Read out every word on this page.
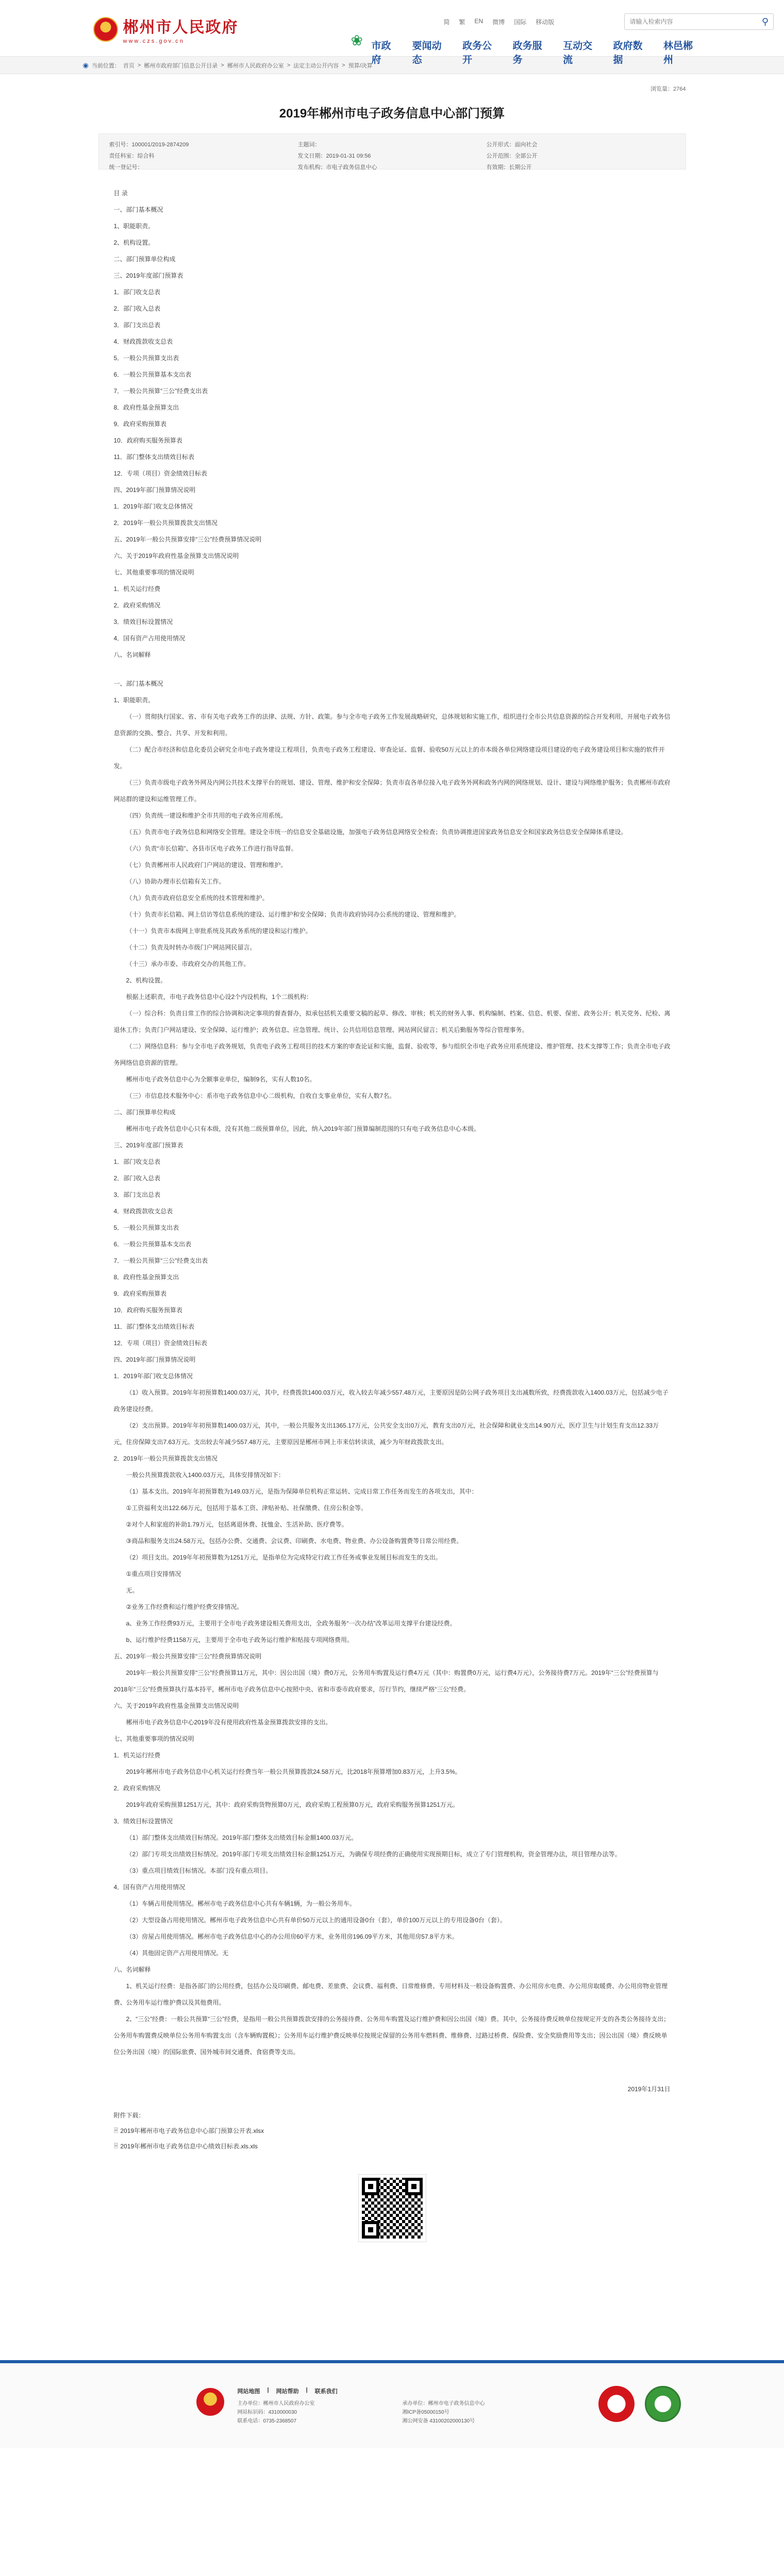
郴州市人民政府
www.czs.gov.cn
简 繁 EN 微博 国际 移动版
请输入检索内容	⚲
❀ 市政府
要闻动态
政务公开
政务服务
互动交流
政府数据
林邑郴州
◉ 当前位置： 首页 > 郴州市政府部门信息公开目录 > 郴州市人民政府办公室 > 法定主动公开内容 > 预算/决算
浏览量：2764
2019年郴州市电子政务信息中心部门预算
索引号：100001/2019-2874209	主题词：	公开形式：面向社会
责任科室：综合科	发文日期：2019-01-31 09:56	公开范围：全部公开
统一登记号：	发布机构：市电子政务信息中心	有效期：长期公开

目 录

一、部门基本概况

1、职能职责。

2、机构设置。

二、部门预算单位构成

三、2019年度部门预算表

1．部门收支总表

2．部门收入总表

3．部门支出总表

4．财政拨款收支总表

5．一般公共预算支出表

6．一般公共预算基本支出表

7．一般公共预算“三公”经费支出表

8．政府性基金预算支出

9．政府采购预算表

10．政府购买服务预算表

11．部门整体支出绩效目标表

12．专项（项目）资金绩效目标表

四、2019年部门预算情况说明

1．2019年部门收支总体情况

2．2019年一般公共预算拨款支出情况

五、2019年一般公共预算安排“三公”经费预算情况说明

六、关于2019年政府性基金预算支出情况说明

七、其他重要事项的情况说明

1．机关运行经费

2．政府采购情况

3．绩效目标设置情况

4．国有资产占用使用情况

八、名词解释

一、部门基本概况

1、职能职责。

（一）贯彻执行国家、省、市有关电子政务工作的法律、法规、方针、政策。参与全市电子政务工作发展战略研究，总体规划和实施工作，组织进行全市公共信息资源的综合开发利用，开展电子政务信息资源的交换、整合、共享、开发和利用。

（二）配合市经济和信息化委员会研究全市电子政务建设工程项目，负责电子政务工程建设、审查论证、监督、验收50万元以上的市本级各单位网络建设项目建设的电子政务建设项目和实施的软件开发。

（三）负责市级电子政务外网及内网公共技术支撑平台的规划、建设、管理、维护和安全保障；负责市直各单位接入电子政务外网和政务内网的网络规划、设计、建设与网络维护服务；负责郴州市政府网站群的建设和运维管理工作。

（四）负责统一建设和维护全市共用的电子政务应用系统。

（五）负责市电子政务信息和网络安全管理。建设全市统一的信息安全基础设施，加强电子政务信息网络安全检查；负责协调推进国家政务信息安全和国家政务信息安全保障体系建设。

（六）负责“市长信箱”、各县市区电子政务工作进行指导监督。

（七）负责郴州市人民政府门户网站的建设、管理和维护。

（八）协助办理市长信箱有关工作。

（九）负责市政府信息安全系统的技术管理和维护。

（十）负责市长信箱、网上信访等信息系统的建设、运行维护和安全保障；负责市政府协同办公系统的建设、管理和维护。

（十一）负责市本级网上审批系统及其政务系统的建设和运行维护。

（十二）负责及时转办市级门户网站网民留言。

（十三）承办市委、市政府交办的其他工作。

2、机构设置。

根据上述职责，市电子政务信息中心设2个内设机构，1个二级机构：

（一）综合科：负责日常工作的综合协调和决定事项的督查督办，拟承包括机关重要文稿的起草、修改、审核；机关的财务人事、机构编制、档案、信息、机要、保密、政务公开；机关党务、纪检、离退休工作；负责门户网站建设、安全保障、运行维护；政务信息、应急管理、统计、公共信用信息管理、网站网民留言；机关后勤服务等综合管理事务。

（二）网络信息科：参与全市电子政务规划，负责电子政务工程项目的技术方案的审查论证和实施，监督、验收等，参与组织全市电子政务应用系统建设、维护管理、技术支撑等工作；负责全市电子政务网络信息资源的管理。

郴州市电子政务信息中心为全额事业单位，编制9名，实有人数10名。

（三）市信息技术服务中心：系市电子政务信息中心二级机构，自收自支事业单位，实有人数7名。

二、部门预算单位构成

郴州市电子政务信息中心只有本级，没有其他二级预算单位，因此，纳入2019年部门预算编制范围的只有电子政务信息中心本级。

三、2019年度部门预算表

1．部门收支总表

2．部门收入总表

3．部门支出总表

4．财政拨款收支总表

5．一般公共预算支出表

6．一般公共预算基本支出表

7．一般公共预算“三公”经费支出表

8．政府性基金预算支出

9．政府采购预算表

10．政府购买服务预算表

11．部门整体支出绩效目标表

12．专项（项目）资金绩效目标表

四、2019年部门预算情况说明

1．2019年部门收支总体情况

（1）收入预算。2019年年初预算数1400.03万元，其中，经费拨款1400.03万元，收入较去年减少557.48万元，主要原因是防公网子政务项目支出减数所致，经费拨款收入1400.03万元，包括减少电子政务建设经费。

（2）支出预算。2019年年初预算数1400.03万元，其中，一般公共服务支出1365.17万元，公共安全支出0万元，教育支出0万元，社会保障和就业支出14.90万元，医疗卫生与计划生育支出12.33万元，住房保障支出7.63万元。支出较去年减少557.48万元，主要原因是郴州市网上市来信转读读，减少为年财政拨款支出。

2．2019年一般公共预算拨款支出情况

一般公共预算拨款收入1400.03万元，具体安排情况如下：

（1）基本支出。2019年年初预算数为149.03万元，是指为保障单位机构正常运转、完成日常工作任务而发生的各项支出，其中：

①工资福利支出122.66万元，包括用于基本工资、津贴补贴、社保缴费、住房公积金等。

②对个人和家庭的补助1.79万元，包括离退休费、抚恤金、生活补助、医疗费等。

③商品和服务支出24.58万元，包括办公费、交通费、会议费、印刷费、水电费、物业费、办公设备购置费等日常公用经费。

（2）项目支出。2019年年初预算数为1251万元，是指单位为完成特定行政工作任务或事业发展目标而发生的支出。

①重点项目安排情况

无。

②业务工作经费和运行维护经费安排情况。

a、业务工作经费93万元，主要用于全市电子政务建设相关费用支出，全政务服务“一次办结”改革运用支撑平台建设经费。

b、运行维护经费1158万元，主要用于全市电子政务运行维护和贴接专项网络费用。

五、2019年一般公共预算安排“三公”经费预算情况说明

2019年一般公共预算安排“三公”经费预算11万元，其中：因公出国（境）费0万元，公务用车购置及运行费4万元（其中：购置费0万元，运行费4万元），公务接待费7万元。2019年“三公”经费预算与2018年“三公”经费预算执行基本持平，郴州市电子政务信息中心按照中央、省和市委市政府要求，厉行节约，继续严格“三公”经费。

六、关于2019年政府性基金预算支出情况说明

郴州市电子政务信息中心2019年没有使用政府性基金预算拨款安排的支出。

七、其他重要事项的情况说明

1．机关运行经费

2019年郴州市电子政务信息中心机关运行经费当年一般公共预算拨款24.58万元，比2018年预算增加0.83万元，上升3.5%。

2．政府采购情况

2019年政府采购预算1251万元，其中：政府采购货物预算0万元，政府采购工程预算0万元，政府采购服务预算1251万元。

3．绩效目标设置情况

（1）部门整体支出绩效目标情况。2019年部门整体支出绩效目标金额1400.03万元。

（2）部门专项支出绩效目标情况。2019年部门专项支出绩效目标金额1251万元，为确保专项经费的正确使用实现预期目标，成立了专门管理机构，资金管理办法，项目管理办法等。

（3）重点项目绩效目标情况。本部门没有重点项目。

4．国有资产占用使用情况

（1）车辆占用使用情况。郴州市电子政务信息中心共有车辆1辆，为一般公务用车。

（2）大型设备占用使用情况。郴州市电子政务信息中心共有单价50万元以上的通用设备0台（套），单价100万元以上的专用设备0台（套）。

（3）房屋占用使用情况。郴州市电子政务信息中心的办公用房60平方米，业务用房196.09平方米，其他用房57.8平方米。

（4）其他固定资产占用使用情况。无

八、名词解释

1、机关运行经费：是指各部门的公用经费，包括办公及印刷费、邮电费、差旅费、会议费、福利费、日常维修费、专用材料及一般设备购置费、办公用房水电费、办公用房取暖费、办公用房物业管理费、公务用车运行维护费以及其他费用。

2、“三公”经费：一般公共预算“三公”经费，是指用一般公共预算拨款安排的公务接待费、公务用车购置及运行维护费和因公出国（境）费。其中，公务接待费反映单位按规定开支的各类公务接待支出；公务用车购置费反映单位公务用车购置支出（含车辆购置税）；公务用车运行维护费反映单位按规定保留的公务用车燃料费、维修费、过路过桥费、保险费、安全奖励费用等支出；因公出国（境）费反映单位公务出国（境）的国际旅费、国外城市间交通费、食宿费等支出。

2019年1月31日
附件下载：
🗎 2019年郴州市电子政务信息中心部门预算公开表.xlsx
🗎 2019年郴州市电子政务信息中心绩效目标表.xls.xls
网站地图 | 网站帮助 | 联系我们
主办单位：郴州市人民政府办公室	承办单位：郴州市电子政务信息中心
网站标识码：4310000030	湘ICP备05000150号
联系电话：0735-2368507	湘公网安备 43100202000130号
